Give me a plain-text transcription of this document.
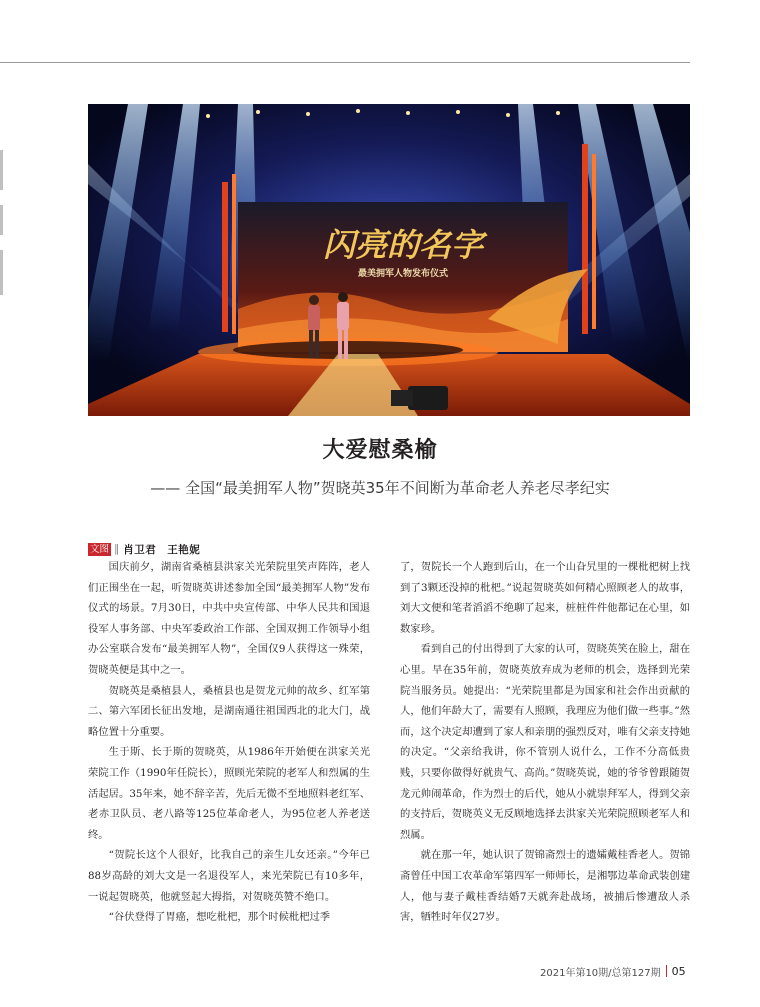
闪亮的名字
最美拥军人物发布仪式
大爱慰桑榆
—— 全国“最美拥军人物”贺晓英35年不间断为革命老人养老尽孝纪实
文图 ‖ 肖卫君　王艳妮

国庆前夕，湖南省桑植县洪家关光荣院里笑声阵阵，老人们正围坐在一起，听贺晓英讲述参加全国“最美拥军人物”发布仪式的场景。7月30日，中共中央宣传部、中华人民共和国退役军人事务部、中央军委政治工作部、全国双拥工作领导小组办公室联合发布“最美拥军人物”，全国仅9人获得这一殊荣，贺晓英便是其中之一。

贺晓英是桑植县人，桑植县也是贺龙元帅的故乡、红军第二、第六军团长征出发地，是湖南通往祖国西北的北大门，战略位置十分重要。

生于斯、长于斯的贺晓英，从1986年开始便在洪家关光荣院工作（1990年任院长），照顾光荣院的老军人和烈属的生活起居。35年来，她不辞辛苦，先后无微不至地照料老红军、老赤卫队员、老八路等125位革命老人，为95位老人养老送终。

“贺院长这个人很好，比我自己的亲生儿女还亲。”今年已88岁高龄的刘大文是一名退役军人，来光荣院已有10多年，一说起贺晓英，他就竖起大拇指，对贺晓英赞不绝口。

“谷伏登得了胃癌，想吃枇杷，那个时候枇杷过季

了，贺院长一个人跑到后山，在一个山旮旯里的一棵枇杷树上找到了3颗还没掉的枇杷。”说起贺晓英如何精心照顾老人的故事，刘大文便和笔者滔滔不绝聊了起来，桩桩件件他都记在心里，如数家珍。

看到自己的付出得到了大家的认可，贺晓英笑在脸上，甜在心里。早在35年前，贺晓英放弃成为老师的机会，选择到光荣院当服务员。她提出：“光荣院里都是为国家和社会作出贡献的人，他们年龄大了，需要有人照顾，我理应为他们做一些事。”然而，这个决定却遭到了家人和亲朋的强烈反对，唯有父亲支持她的决定。“父亲给我讲，你不管别人说什么，工作不分高低贵贱，只要你做得好就贵气、高尚。”贺晓英说，她的爷爷曾跟随贺龙元帅闹革命，作为烈士的后代，她从小就崇拜军人，得到父亲的支持后，贺晓英义无反顾地选择去洪家关光荣院照顾老军人和烈属。

就在那一年，她认识了贺锦斋烈士的遗孀戴桂香老人。贺锦斋曾任中国工农革命军第四军一师师长，是湘鄂边革命武装创建人，他与妻子戴桂香结婚7天就奔赴战场，被捕后惨遭敌人杀害，牺牲时年仅27岁。

2021年第10期/总第127期 05
